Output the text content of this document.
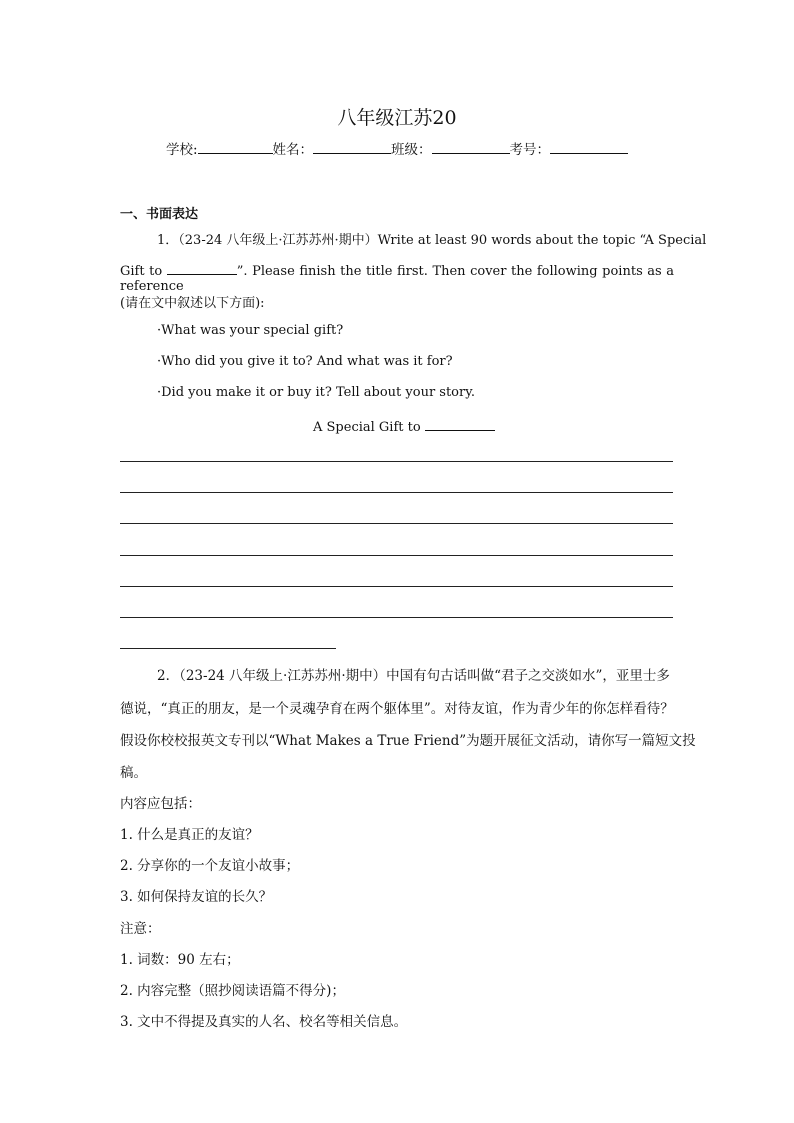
八年级江苏20
学校:	姓名：	班级：	考号：
一、书面表达
1．（23-24 八年级上·江苏苏州·期中）Write at least 90 words about the topic “A Special
Gift to	”. Please finish the title first. Then cover the following points as a reference
(请在文中叙述以下方面):
·What was your special gift?
·Who did you give it to? And what was it for?
·Did you make it or buy it? Tell about your story.
A Special Gift to
2．（23-24 八年级上·江苏苏州·期中）中国有句古话叫做“君子之交淡如水”，亚里士多
德说，“真正的朋友，是一个灵魂孕育在两个躯体里”。对待友谊，作为青少年的你怎样看待？
假设你校校报英文专刊以“What Makes a True Friend”为题开展征文活动，请你写一篇短文投
稿。
内容应包括：
1. 什么是真正的友谊？
2. 分享你的一个友谊小故事；
3. 如何保持友谊的长久？
注意：
1. 词数：90 左右；
2. 内容完整（照抄阅读语篇不得分)；
3. 文中不得提及真实的人名、校名等相关信息。
